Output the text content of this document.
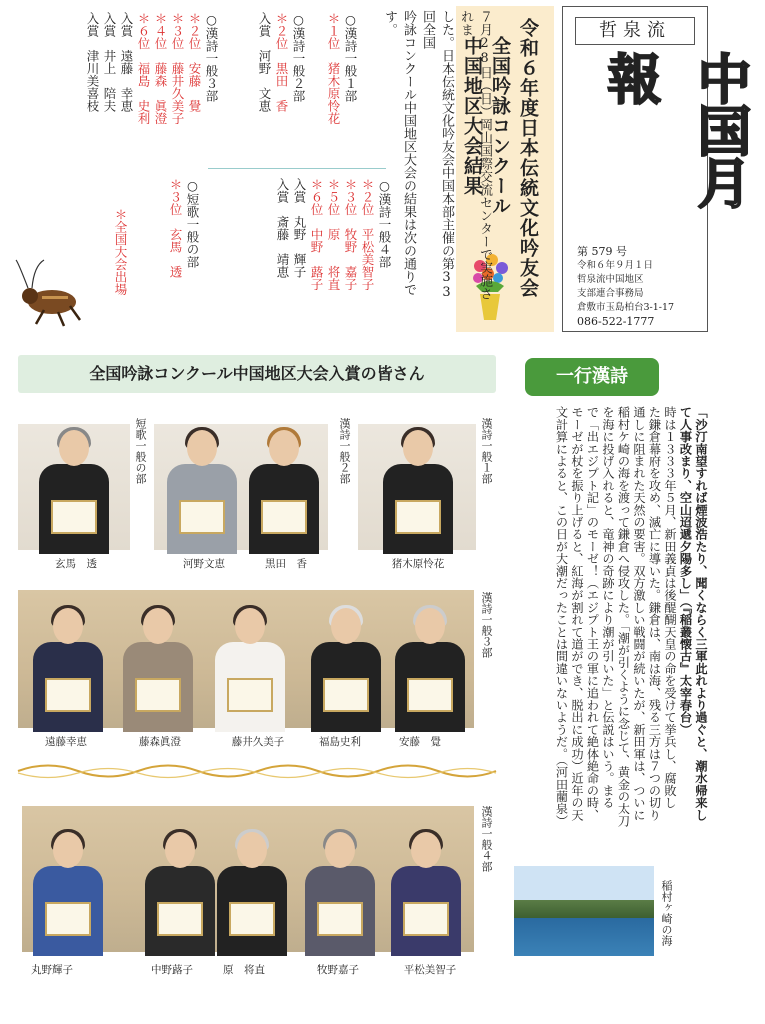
哲泉流
中国月報
第 579 号
令和６年９月１日
哲泉流中国地区
支部連合事務局
倉敷市玉島柏台3-1-17
086-522-1777
令和６年度日本伝統文化吟友会
全国吟詠コンクール
中国地区大会結果
７月28日（日）岡山国際交流センターで実施されま
した。日本伝統文化吟友会中国本部主催の第33回全国
吟詠コンクール中国地区大会の結果は次の通りです。
○漢詩一般１部
＊１位　猪木原怜花
○漢詩一般２部
＊２位　黒田　香
入賞　河野　文恵
○漢詩一般３部
＊２位　安藤　覺
＊３位　藤井久美子
＊４位　藤森　眞澄
＊６位　福島　史利
入賞　遠藤　幸恵
入賞　井上　陪夫
入賞　津川美喜枝
○漢詩一般４部
＊２位　平松美智子
＊３位　牧野　嘉子
＊５位　原　　将直
＊６位　中野　蕗子
入賞　丸野　輝子
入賞　斎藤　靖恵
○短歌一般の部
＊３位　玄馬　透
＊全国大会出場
全国吟詠コンクール中国地区大会入賞の皆さん	一行漢詩
短歌一般の部	漢詩一般２部	漢詩一般１部
玄馬　透	河野文恵	黒田　香	猪木原怜花
漢詩一般３部
遠藤幸恵	藤森眞澄	藤井久美子	福島史利	安藤　覺
漢詩一般４部
丸野輝子	中野蕗子	原　将直	牧野嘉子	平松美智子
「沙汀南望すれば煙波浩たり、聞くならく三軍此れより過ぐと、潮水帰来して人事改まり、空山迢遞夕陽多し」（『稲叢懐古』太宰春台）
時は１３３３年５月、新田義貞は後醍醐天皇の命を受けて挙兵し、腐敗し
た鎌倉幕府を攻め、滅亡に導いた。鎌倉は、南は海、残る三方は７つの切り
通しに阻まれた天然の要害。双方激しい戦闘が続いたが、新田軍は、ついに
稲村ケ崎の海を渡って鎌倉へ侵攻した。「潮が引くように念じて、黄金の太刀
を海に投げ入れると、竜神の奇跡により潮が引いた」と伝説はいう。まる
で「出エジプト記」のモーゼ！（エジプト王の軍に追われて絶体絶命の時、
モーゼが杖を振り上げると、紅海が割れて道ができ、脱出に成功）近年の天
文計算によると、この日が大潮だったことは間違いないようだ。（河田藺泉）
稲村ヶ崎の海
